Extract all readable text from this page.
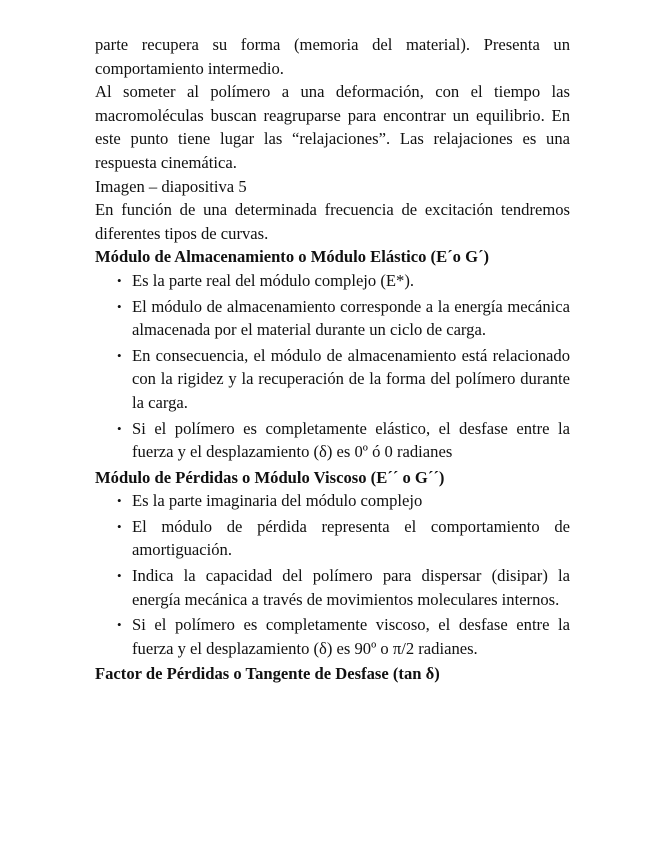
parte recupera su forma (memoria del material). Presenta un comportamiento intermedio.

Al someter al polímero a una deformación, con el tiempo las macromoléculas buscan reagruparse para encontrar un equilibrio. En este punto tiene lugar las “relajaciones”. Las relajaciones es una respuesta cinemática.

Imagen – diapositiva 5

En función de una determinada frecuencia de excitación tendremos diferentes tipos de curvas.

Módulo de Almacenamiento o Módulo Elástico (E´o G´)

• Es la parte real del módulo complejo (E*).
• El módulo de almacenamiento corresponde a la energía mecánica almacenada por el material durante un ciclo de carga.
• En consecuencia, el módulo de almacenamiento está relacionado con la rigidez y la recuperación de la forma del polímero durante la carga.
• Si el polímero es completamente elástico, el desfase entre la fuerza y el desplazamiento (δ) es 0º ó 0 radianes

Módulo de Pérdidas o Módulo Viscoso (E´´ o G´´)

• Es la parte imaginaria del módulo complejo
• El módulo de pérdida representa el comportamiento de amortiguación.
• Indica la capacidad del polímero para dispersar (disipar) la energía mecánica a través de movimientos moleculares internos.
• Si el polímero es completamente viscoso, el desfase entre la fuerza y el desplazamiento (δ) es 90º o π/2 radianes.

Factor de Pérdidas o Tangente de Desfase (tan δ)
